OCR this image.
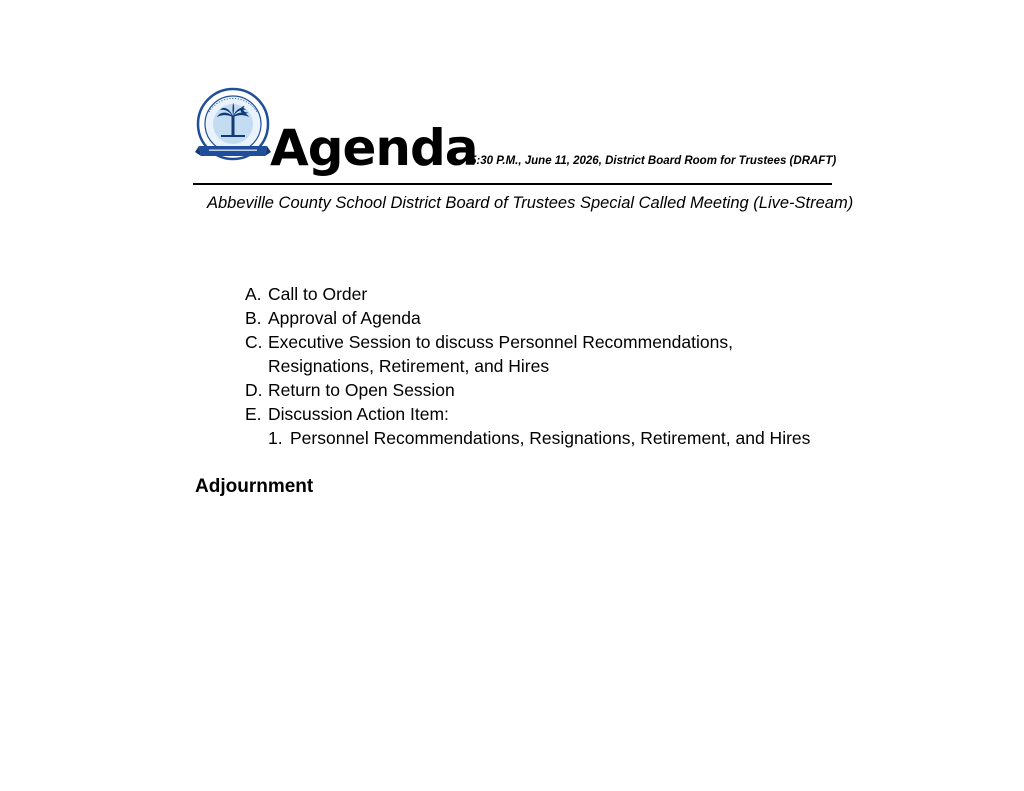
Agenda
5:30 P.M., June 11, 2026, District Board Room for Trustees (DRAFT)
Abbeville County School District Board of Trustees Special Called Meeting (Live-Stream)
A. Call to Order
B. Approval of Agenda
C. Executive Session to discuss Personnel Recommendations,
Resignations, Retirement, and Hires
D. Return to Open Session
E. Discussion Action Item:
1. Personnel Recommendations, Resignations, Retirement, and Hires
Adjournment
